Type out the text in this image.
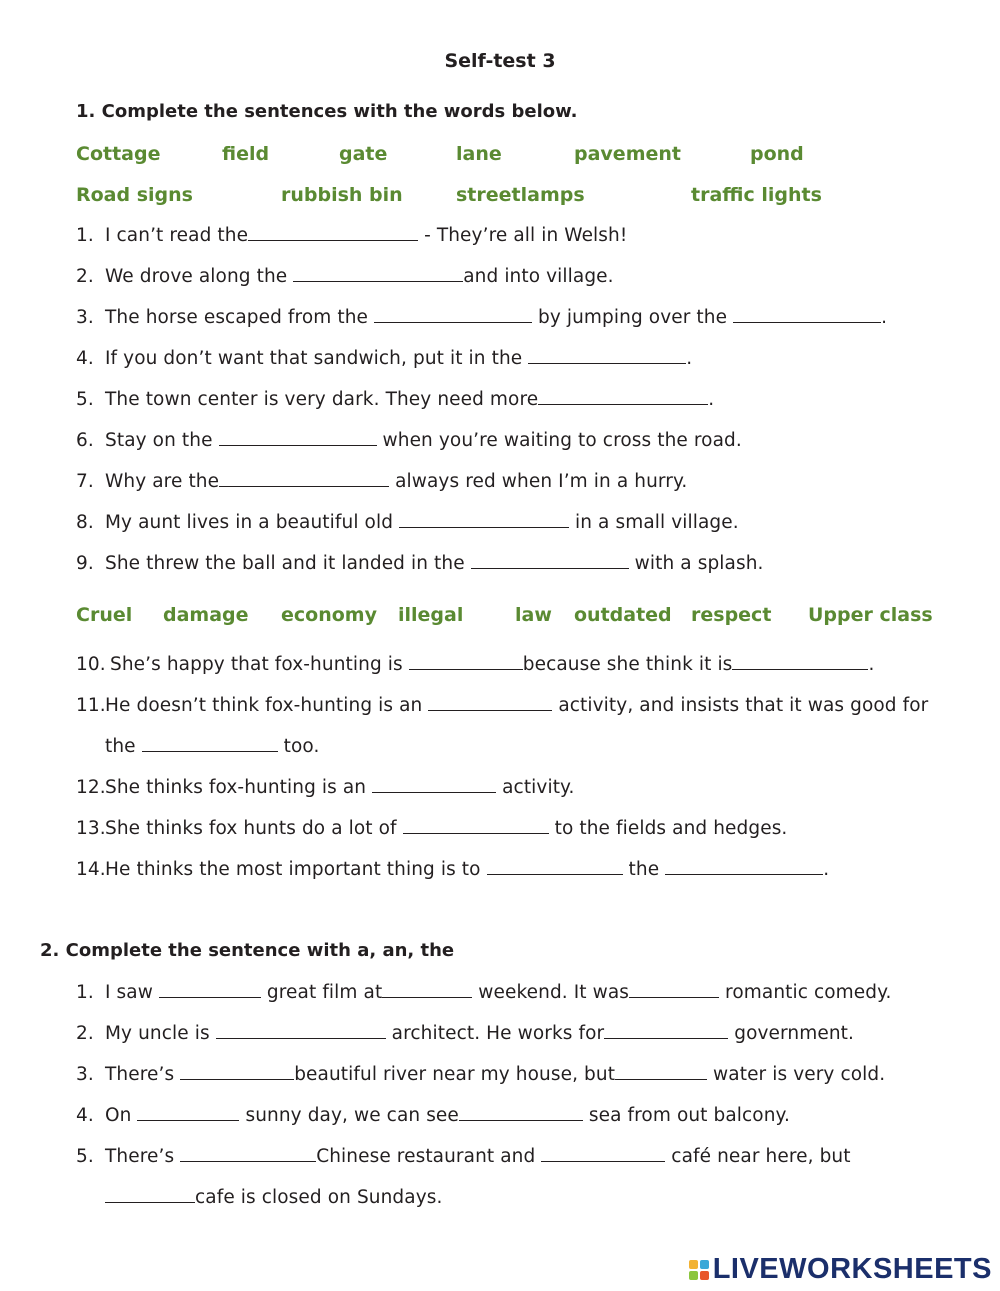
Self-test 3
1. Complete the sentences with the words below.
Cottage	field	gate	lane	pavement	pond
Road signs	rubbish bin	streetlamps	traffic lights
1. I can’t read the	- They’re all in Welsh!
2. We drove along the	and into village.
3. The horse escaped from the	by jumping over the	.
4. If you don’t want that sandwich, put it in the	.
5. The town center is very dark. They need more	.
6. Stay on the	when you’re waiting to cross the road.
7. Why are the	always red when I’m in a hurry.
8. My aunt lives in a beautiful old	in a small village.
9. She threw the ball and it landed in the	with a splash.
Cruel damage economy illegal	law outdated respect Upper class
10. She’s happy that fox-hunting is	because she think it is	.
11.He doesn’t think fox-hunting is an	activity, and insists that it was good for
the	too.
12.She thinks fox-hunting is an	activity.
13.She thinks fox hunts do a lot of	to the fields and hedges.
14.He thinks the most important thing is to	the	.
2. Complete the sentence with a, an, the
1. I saw	great film at	weekend. It was	romantic comedy.
2. My uncle is	architect. He works for	government.
3. There’s	beautiful river near my house, but	water is very cold.
4. On	sunny day, we can see	sea from out balcony.
5. There’s	Chinese restaurant and	café near here, but
cafe is closed on Sundays.
LIVEWORKSHEETS
